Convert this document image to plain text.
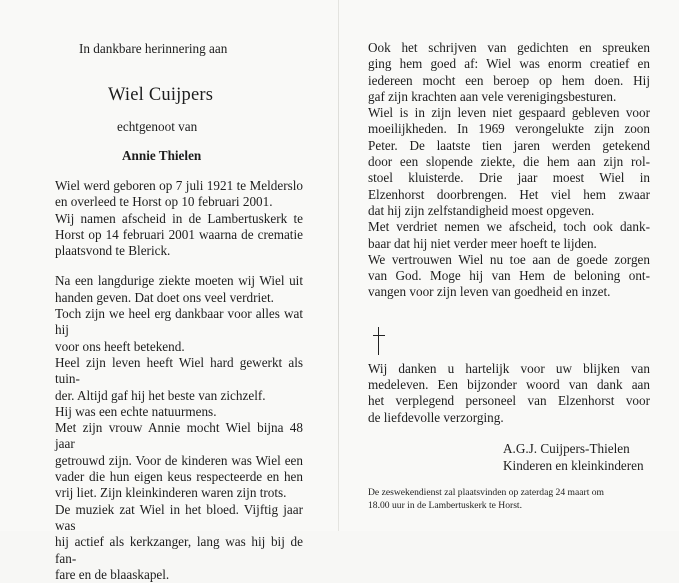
In dankbare herinnering aan
Wiel Cuijpers
echtgenoot van
Annie Thielen
Wiel werd geboren op 7 juli 1921 te Melderslo
en overleed te Horst op 10 februari 2001.
Wij namen afscheid in de Lambertuskerk te
Horst op 14 februari 2001 waarna de crematie
plaatsvond te Blerick.
Na een langdurige ziekte moeten wij Wiel uit
handen geven. Dat doet ons veel verdriet.
Toch zijn we heel erg dankbaar voor alles wat hij
voor ons heeft betekend.
Heel zijn leven heeft Wiel hard gewerkt als tuin-
der. Altijd gaf hij het beste van zichzelf.
Hij was een echte natuurmens.
Met zijn vrouw Annie mocht Wiel bijna 48 jaar
getrouwd zijn. Voor de kinderen was Wiel een
vader die hun eigen keus respecteerde en hen
vrij liet. Zijn kleinkinderen waren zijn trots.
De muziek zat Wiel in het bloed. Vijftig jaar was
hij actief als kerkzanger, lang was hij bij de fan-
fare en de blaaskapel.
Ook het schrijven van gedichten en spreuken
ging hem goed af: Wiel was enorm creatief en
iedereen mocht een beroep op hem doen. Hij
gaf zijn krachten aan vele verenigingsbesturen.
Wiel is in zijn leven niet gespaard gebleven voor
moeilijkheden. In 1969 verongelukte zijn zoon
Peter. De laatste tien jaren werden getekend
door een slopende ziekte, die hem aan zijn rol-
stoel kluisterde. Drie jaar moest Wiel in
Elzenhorst doorbrengen. Het viel hem zwaar
dat hij zijn zelfstandigheid moest opgeven.
Met verdriet nemen we afscheid, toch ook dank-
baar dat hij niet verder meer hoeft te lijden.
We vertrouwen Wiel nu toe aan de goede zorgen
van God. Moge hij van Hem de beloning ont-
vangen voor zijn leven van goedheid en inzet.
Wij danken u hartelijk voor uw blijken van
medeleven. Een bijzonder woord van dank aan
het verplegend personeel van Elzenhorst voor
de liefdevolle verzorging.
A.G.J. Cuijpers-Thielen
Kinderen en kleinkinderen
De zeswekendienst zal plaatsvinden op zaterdag 24 maart om
18.00 uur in de Lambertuskerk te Horst.
